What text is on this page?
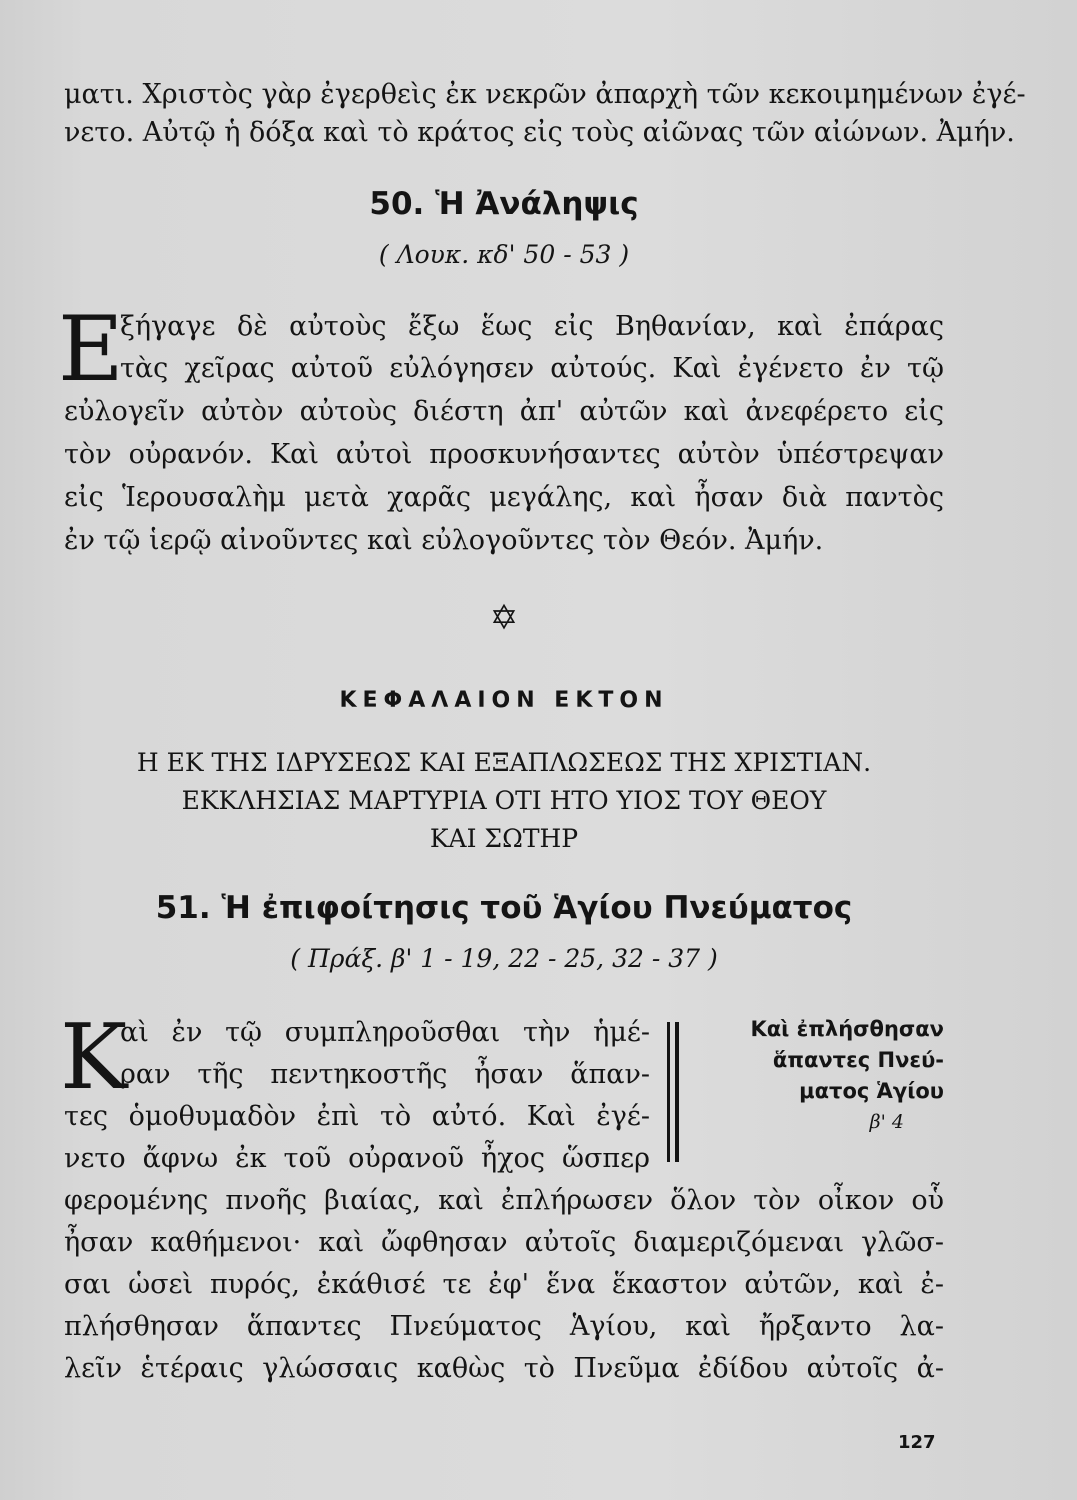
ματι. Χριστὸς γὰρ ἐγερθεὶς ἐκ νεκρῶν ἀπαρχὴ τῶν κεκοιμημένων ἐγέ-
νετο. Αὐτῷ ἡ δόξα καὶ τὸ κράτος εἰς τοὺς αἰῶνας τῶν αἰώνων. Ἀμήν.
50. Ἡ Ἀνάληψις
( Λουκ. κδ' 50 - 53 )
Ε
ξήγαγε δὲ αὐτοὺς ἔξω ἕως εἰς Βηθανίαν, καὶ ἐπάρας
τὰς χεῖρας αὐτοῦ εὐλόγησεν αὐτούς. Καὶ ἐγένετο ἐν τῷ
εὐλογεῖν αὐτὸν αὐτοὺς διέστη ἀπ' αὐτῶν καὶ ἀνεφέρετο εἰς
τὸν οὐρανόν. Καὶ αὐτοὶ προσκυνήσαντες αὐτὸν ὑπέστρεψαν
εἰς Ἱερουσαλὴμ μετὰ χαρᾶς μεγάλης, καὶ ἦσαν διὰ παντὸς
ἐν τῷ ἱερῷ αἰνοῦντες καὶ εὐλογοῦντες τὸν Θεόν. Ἀμήν.
✡
ΚΕΦΑΛΑΙΟΝ ΕΚΤΟΝ
Η ΕΚ ΤΗΣ ΙΔΡΥΣΕΩΣ ΚΑΙ ΕΞΑΠΛΩΣΕΩΣ ΤΗΣ ΧΡΙΣΤΙΑΝ.
ΕΚΚΛΗΣΙΑΣ ΜΑΡΤΥΡΙΑ ΟΤΙ ΗΤΟ ΥΙΟΣ ΤΟΥ ΘΕΟΥ
ΚΑΙ ΣΩΤΗΡ
51. Ἡ ἐπιφοίτησις τοῦ Ἁγίου Πνεύματος
( Πράξ. β' 1 - 19, 22 - 25, 32 - 37 )
Κ
αὶ ἐν τῷ συμπληροῦσθαι τὴν ἡμέ-
ραν τῆς πεντηκοστῆς ἦσαν ἅπαν-
τες ὁμοθυμαδὸν ἐπὶ τὸ αὐτό. Καὶ ἐγέ-
νετο ἄφνω ἐκ τοῦ οὐρανοῦ ἦχος ὥσπερ
Καὶ ἐπλήσθησαν
ἅπαντες Πνεύ-
ματος Ἁγίου
β' 4
φερομένης πνοῆς βιαίας, καὶ ἐπλήρωσεν ὅλον τὸν οἶκον οὗ
ἦσαν καθήμενοι· καὶ ὤφθησαν αὐτοῖς διαμεριζόμεναι γλῶσ-
σαι ὡσεὶ πυρός, ἐκάθισέ τε ἐφ' ἕνα ἕκαστον αὐτῶν, καὶ ἐ-
πλήσθησαν ἅπαντες Πνεύματος Ἁγίου, καὶ ἤρξαντο λα-
λεῖν ἑτέραις γλώσσαις καθὼς τὸ Πνεῦμα ἐδίδου αὐτοῖς ἀ-
127
